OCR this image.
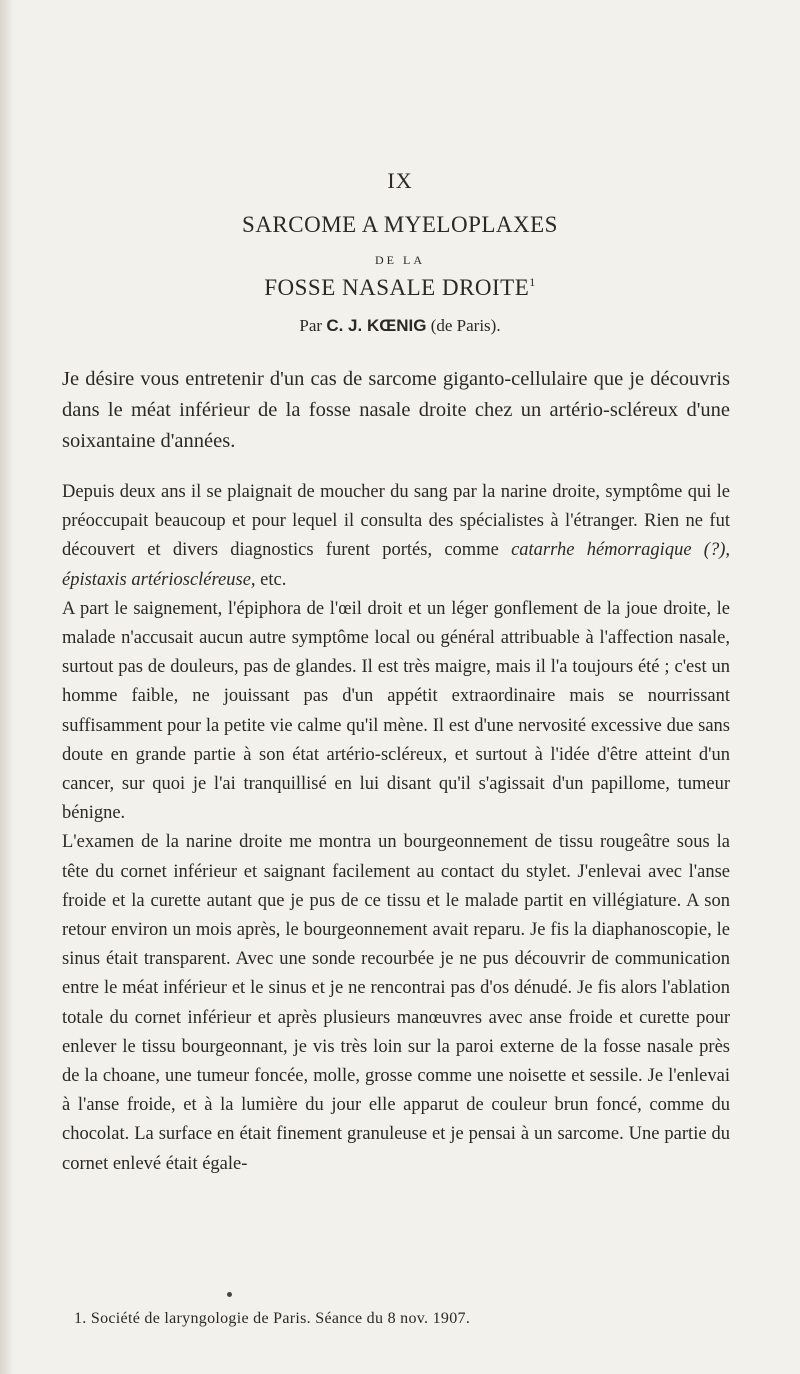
IX
SARCOME A MYELOPLAXES
DE LA
FOSSE NASALE DROITE$^1$
Par C. J. KŒNIG (de Paris).

Je désire vous entretenir d'un cas de sarcome giganto-cellulaire que je découvris dans le méat inférieur de la fosse nasale droite chez un artério-scléreux d'une soixantaine d'années.

Depuis deux ans il se plaignait de moucher du sang par la narine droite, symptôme qui le préoccupait beaucoup et pour lequel il consulta des spécialistes à l'étranger. Rien ne fut découvert et divers diagnostics furent portés, comme catarrhe hémorragique (?), épistaxis artérioscléreuse, etc.

A part le saignement, l'épiphora de l'œil droit et un léger gonflement de la joue droite, le malade n'accusait aucun autre symptôme local ou général attribuable à l'affection nasale, surtout pas de douleurs, pas de glandes. Il est très maigre, mais il l'a toujours été ; c'est un homme faible, ne jouissant pas d'un appétit extraordinaire mais se nourrissant suffisamment pour la petite vie calme qu'il mène. Il est d'une nervosité excessive due sans doute en grande partie à son état artério-scléreux, et surtout à l'idée d'être atteint d'un cancer, sur quoi je l'ai tranquillisé en lui disant qu'il s'agissait d'un papillome, tumeur bénigne.

L'examen de la narine droite me montra un bourgeonnement de tissu rougeâtre sous la tête du cornet inférieur et saignant facilement au contact du stylet. J'enlevai avec l'anse froide et la curette autant que je pus de ce tissu et le malade partit en villégiature. A son retour environ un mois après, le bourgeonnement avait reparu. Je fis la diaphanoscopie, le sinus était transparent. Avec une sonde recourbée je ne pus découvrir de communication entre le méat inférieur et le sinus et je ne rencontrai pas d'os dénudé. Je fis alors l'ablation totale du cornet inférieur et après plusieurs manœuvres avec anse froide et curette pour enlever le tissu bourgeonnant, je vis très loin sur la paroi externe de la fosse nasale près de la choane, une tumeur foncée, molle, grosse comme une noisette et sessile. Je l'enlevai à l'anse froide, et à la lumière du jour elle apparut de couleur brun foncé, comme du chocolat. La surface en était finement granuleuse et je pensai à un sarcome. Une partie du cornet enlevé était égale-

1. Société de laryngologie de Paris. Séance du 8 nov. 1907.
